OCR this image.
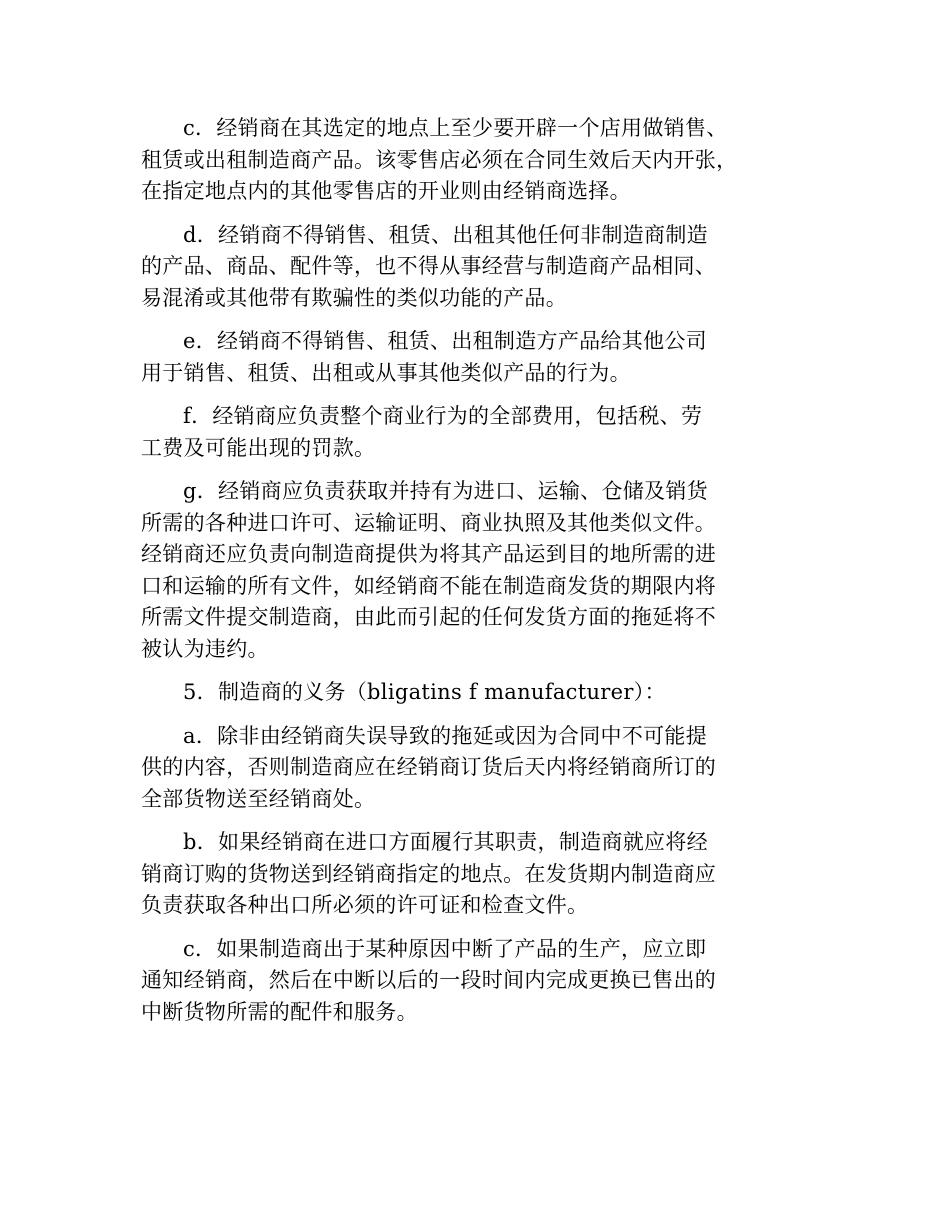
c．经销商在其选定的地点上至少要开辟一个店用做销售、
租赁或出租制造商产品。该零售店必须在合同生效后天内开张，
在指定地点内的其他零售店的开业则由经销商选择。

d．经销商不得销售、租赁、出租其他任何非制造商制造
的产品、商品、配件等，也不得从事经营与制造商产品相同、
易混淆或其他带有欺骗性的类似功能的产品。

e．经销商不得销售、租赁、出租制造方产品给其他公司
用于销售、租赁、出租或从事其他类似产品的行为。

f．经销商应负责整个商业行为的全部费用，包括税、劳
工费及可能出现的罚款。

g．经销商应负责获取并持有为进口、运输、仓储及销货
所需的各种进口许可、运输证明、商业执照及其他类似文件。
经销商还应负责向制造商提供为将其产品运到目的地所需的进
口和运输的所有文件，如经销商不能在制造商发货的期限内将
所需文件提交制造商，由此而引起的任何发货方面的拖延将不
被认为违约。

5．制造商的义务（bligatins f manufacturer）：

a．除非由经销商失误导致的拖延或因为合同中不可能提
供的内容，否则制造商应在经销商订货后天内将经销商所订的
全部货物送至经销商处。

b．如果经销商在进口方面履行其职责，制造商就应将经
销商订购的货物送到经销商指定的地点。在发货期内制造商应
负责获取各种出口所必须的许可证和检查文件。

c．如果制造商出于某种原因中断了产品的生产，应立即
通知经销商，然后在中断以后的一段时间内完成更换已售出的
中断货物所需的配件和服务。
